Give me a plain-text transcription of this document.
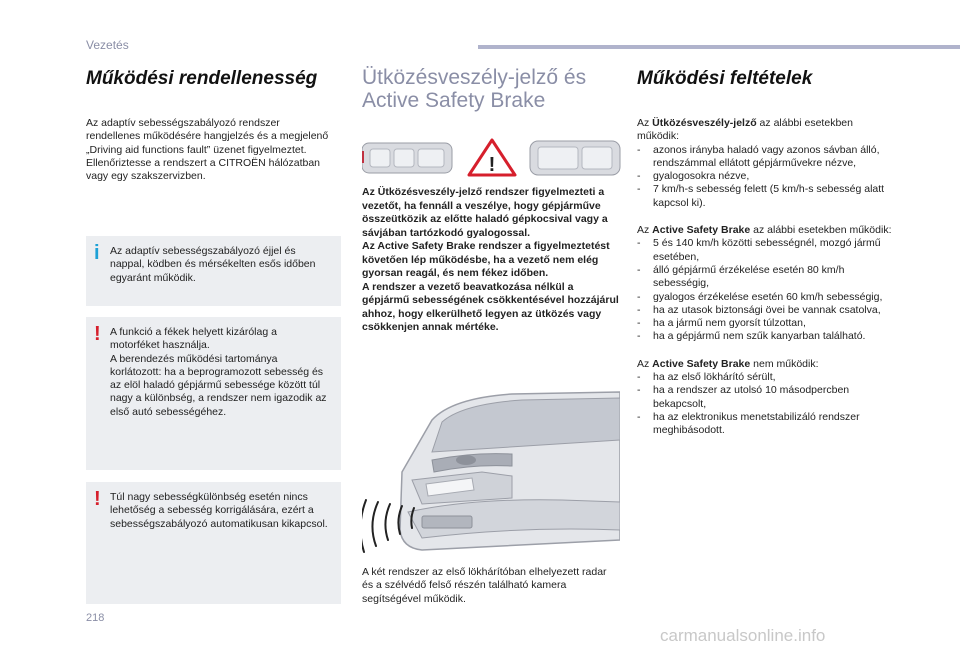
Vezetés
Működési rendellenesség

Az adaptív sebességszabályozó rendszer rendellenes működésére hangjelzés és a megjelenő „Driving aid functions fault” üzenet figyelmeztet.

Ellenőriztesse a rendszert a CITROËN hálózatban vagy egy szakszervizben.

i Az adaptív sebességszabályozó éjjel és nappal, ködben és mérsékelten esős időben egyaránt működik.

! A funkció a fékek helyett kizárólag a motorféket használja.

A berendezés működési tartománya korlátozott: ha a beprogramozott sebesség és az elöl haladó gépjármű sebessége között túl nagy a különbség, a rendszer nem igazodik az első autó sebességéhez.

! Túl nagy sebességkülönbség esetén nincs lehetőség a sebesség korrigálására, ezért a sebességszabályozó automatikusan kikapcsol.

Ütközésveszély-jelző és
Active Safety Brake
!

Az Ütközésveszély-jelző rendszer figyelmezteti a vezetőt, ha fennáll a veszélye, hogy gépjárműve összeütközik az előtte haladó gépkocsival vagy a sávjában tartózkodó gyalogossal.

Az Active Safety Brake rendszer a figyelmeztetést követően lép működésbe, ha a vezető nem elég gyorsan reagál, és nem fékez időben.

A rendszer a vezető beavatkozása nélkül a gépjármű sebességének csökkentésével hozzájárul ahhoz, hogy elkerülhető legyen az ütközés vagy csökkenjen annak mértéke.

A két rendszer az első lökhárítóban elhelyezett radar és a szélvédő felső részén található kamera segítségével működik.
Működési feltételek

Az Ütközésveszély-jelző az alábbi esetekben működik:

-	azonos irányba haladó vagy azonos sávban álló, rendszámmal ellátott gépjárművekre nézve,
-	gyalogosokra nézve,
-	7 km/h-s sebesség felett (5 km/h-s sebesség alatt kapcsol ki).

Az Active Safety Brake az alábbi esetekben működik:

-	5 és 140 km/h közötti sebességnél, mozgó jármű esetében,
-	álló gépjármű érzékelése esetén 80 km/h sebességig,
-	gyalogos érzékelése esetén 60 km/h sebességig,
-	ha az utasok biztonsági övei be vannak csatolva,
-	ha a jármű nem gyorsít túlzottan,
-	ha a gépjármű nem szűk kanyarban található.

Az Active Safety Brake nem működik:

-	ha az első lökhárító sérült,
-	ha a rendszer az utolsó 10 másodpercben bekapcsolt,
-	ha az elektronikus menetstabilizáló rendszer meghibásodott.
218
carmanualsonline.info
